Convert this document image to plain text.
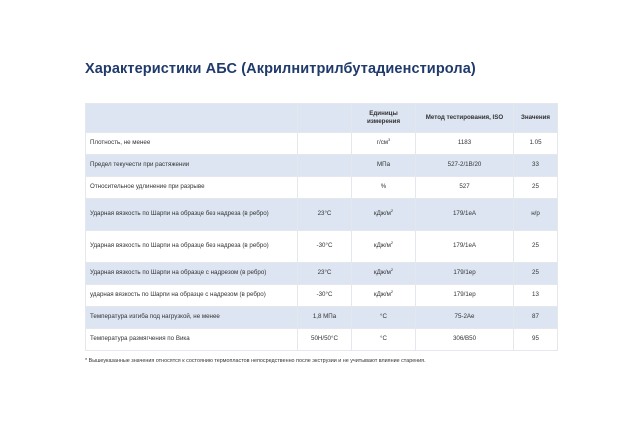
Характеристики АБС (Акрилнитрилбутадиенстирола)
		Единицы измерения	Метод тестирования, ISO	Значения
Плотность, не менее		$г/см^3$	1183	1.05
Предел текучести при растяжении		МПа	527-2/1В/20	33
Относительное удлинение при разрыве		%	527	25
Ударная вязкость по Шарпи на образце без надреза (в ребро)	23°С	кДж/$м^2$	179/1eA	н/р
Ударная вязкость по Шарпи на образце без надреза (в ребро)	-30°С	кДж/$м^2$	179/1eA	25
Ударная вязкость по Шарпи на образце с надрезом (в ребро)	23°С	кДж/$м^2$	179/1eр	25
ударная вязкость по Шарпи на образце с надрезом (в ребро)	-30°С	кДж/$м^2$	179/1eр	13
Температура изгиба под нагрузкой, не менее	1,8 МПа	°С	75-2Ae	87
Температура размягчения по Вика	50Н/50°С	°С	306/В50	95
* Вышеуказанные значения относятся к состоянию термопластов непосредственно после экструзии и не учитывают влияние старения.
